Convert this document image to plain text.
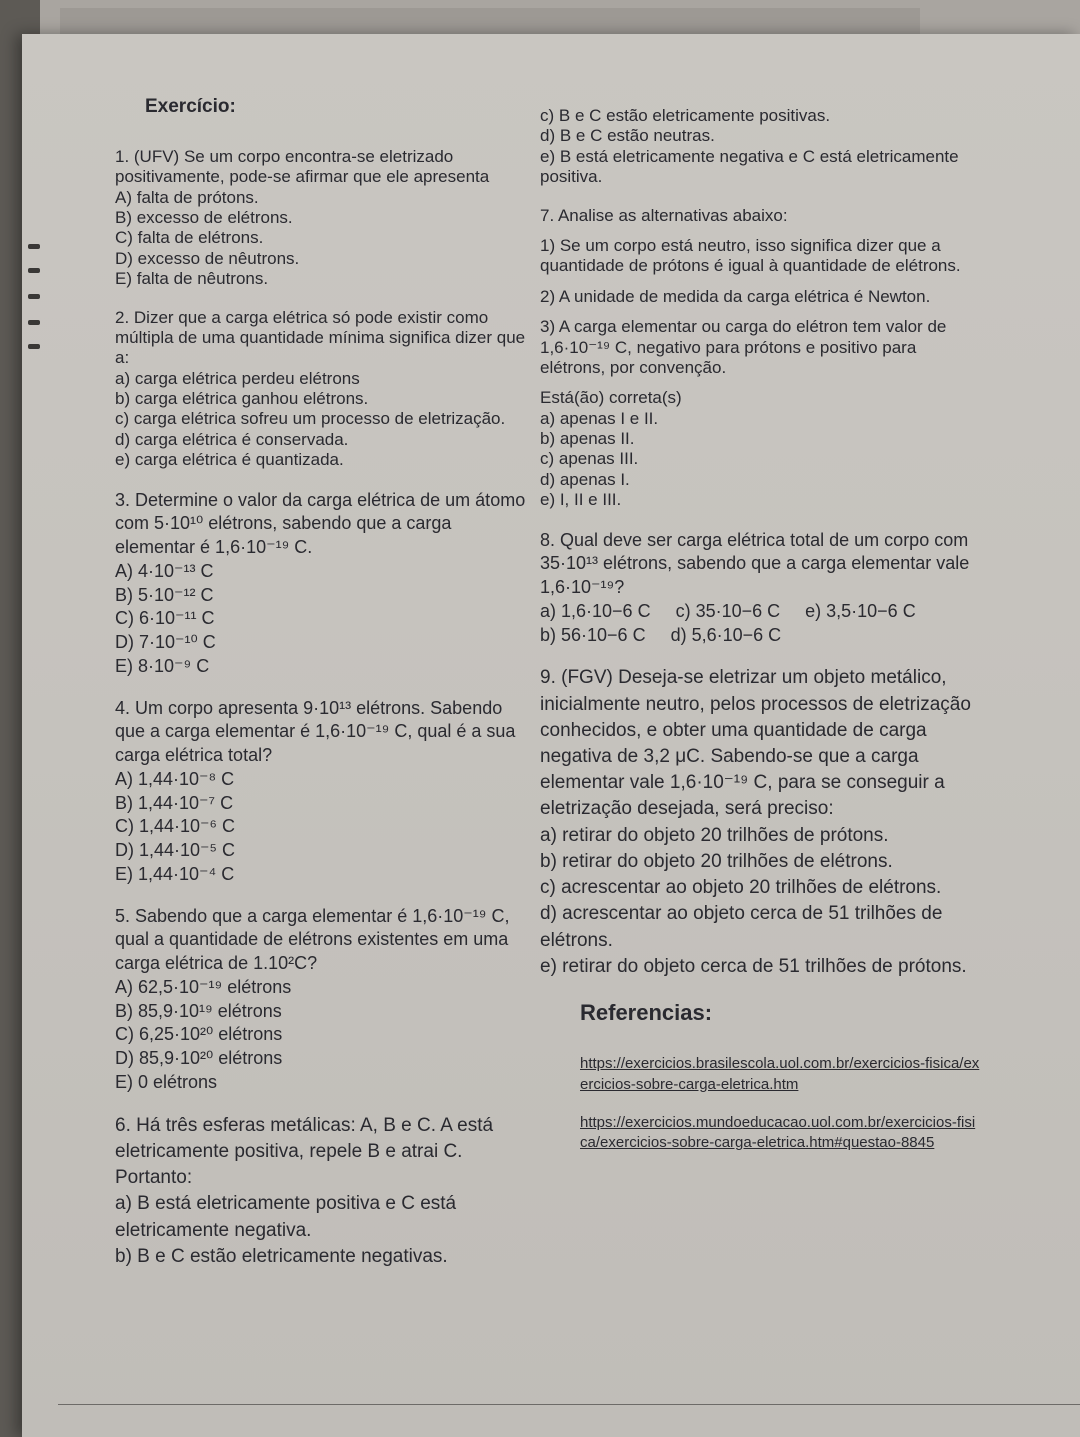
Exercício:

1. (UFV) Se um corpo encontra-se eletrizado positivamente, pode-se afirmar que ele apresenta

A) falta de prótons.

B) excesso de elétrons.

C) falta de elétrons.

D) excesso de nêutrons.

E) falta de nêutrons.

2. Dizer que a carga elétrica só pode existir como múltipla de uma quantidade mínima significa dizer que a:

a) carga elétrica perdeu elétrons

b) carga elétrica ganhou elétrons.

c) carga elétrica sofreu um processo de eletrização.

d) carga elétrica é conservada.

e) carga elétrica é quantizada.

3. Determine o valor da carga elétrica de um átomo com 5·10¹⁰ elétrons, sabendo que a carga elementar é 1,6·10⁻¹⁹ C.

A) 4·10⁻¹³ C

B) 5·10⁻¹² C

C) 6·10⁻¹¹ C

D) 7·10⁻¹⁰ C

E) 8·10⁻⁹ C

4. Um corpo apresenta 9·10¹³ elétrons. Sabendo que a carga elementar é 1,6·10⁻¹⁹ C, qual é a sua carga elétrica total?

A) 1,44·10⁻⁸ C

B) 1,44·10⁻⁷ C

C) 1,44·10⁻⁶ C

D) 1,44·10⁻⁵ C

E) 1,44·10⁻⁴ C

5. Sabendo que a carga elementar é 1,6·10⁻¹⁹ C, qual a quantidade de elétrons existentes em uma carga elétrica de 1.10²C?

A) 62,5·10⁻¹⁹ elétrons

B) 85,9·10¹⁹ elétrons

C) 6,25·10²⁰ elétrons

D) 85,9·10²⁰ elétrons

E) 0 elétrons

6. Há três esferas metálicas: A, B e C. A está eletricamente positiva, repele B e atrai C.

Portanto:

a) B está eletricamente positiva e C está eletricamente negativa.

b) B e C estão eletricamente negativas.

c) B e C estão eletricamente positivas.

d) B e C estão neutras.

e) B está eletricamente negativa e C está eletricamente positiva.

7. Analise as alternativas abaixo:

1) Se um corpo está neutro, isso significa dizer que a quantidade de prótons é igual à quantidade de elétrons.

2) A unidade de medida da carga elétrica é Newton.

3) A carga elementar ou carga do elétron tem valor de 1,6·10⁻¹⁹ C, negativo para prótons e positivo para elétrons, por convenção.

Está(ão) correta(s)

a) apenas I e II.

b) apenas II.

c) apenas III.

d) apenas I.

e) I, II e III.

8. Qual deve ser carga elétrica total de um corpo com 35·10¹³ elétrons, sabendo que a carga elementar vale 1,6·10⁻¹⁹?

a) 1,6·10−6 C     c) 35·10−6 C     e) 3,5·10−6 C

b) 56·10−6 C     d) 5,6·10−6 C

9. (FGV) Deseja-se eletrizar um objeto metálico, inicialmente neutro, pelos processos de eletrização conhecidos, e obter uma quantidade de carga negativa de 3,2 μC. Sabendo-se que a carga elementar vale 1,6·10⁻¹⁹ C, para se conseguir a eletrização desejada, será preciso:

a) retirar do objeto 20 trilhões de prótons.

b) retirar do objeto 20 trilhões de elétrons.

c) acrescentar ao objeto 20 trilhões de elétrons.

d) acrescentar ao objeto cerca de 51 trilhões de elétrons.

e) retirar do objeto cerca de 51 trilhões de prótons.

Referencias:

https://exercicios.brasilescola.uol.com.br/exercicios-fisica/exercicios-sobre-carga-eletrica.htm

https://exercicios.mundoeducacao.uol.com.br/exercicios-fisica/exercicios-sobre-carga-eletrica.htm#questao-8845
